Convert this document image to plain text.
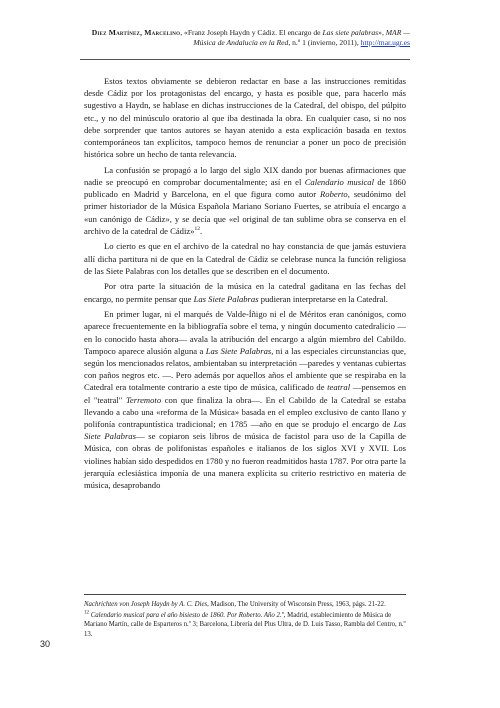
Diez Martínez, Marcelino, «Franz Joseph Haydn y Cádiz. El encargo de Las siete palabras», MAR — Música de Andalucía en la Red, n.º 1 (invierno, 2011), http://mar.ugr.es

Estos textos obviamente se debieron redactar en base a las instrucciones remitidas desde Cádiz por los protagonistas del encargo, y hasta es posible que, para hacerlo más sugestivo a Haydn, se hablase en dichas instrucciones de la Catedral, del obispo, del púlpito etc., y no del minúsculo oratorio al que iba destinada la obra. En cualquier caso, si no nos debe sorprender que tantos autores se hayan atenido a esta explicación basada en textos contemporáneos tan explícitos, tampoco hemos de renunciar a poner un poco de precisión histórica sobre un hecho de tanta relevancia.

La confusión se propagó a lo largo del siglo XIX dando por buenas afirmaciones que nadie se preocupó en comprobar documentalmente; así en el Calendario musical de 1860 publicado en Madrid y Barcelona, en el que figura como autor Roberto, seudónimo del primer historiador de la Música Española Mariano Soriano Fuertes, se atribuía el encargo a «un canónigo de Cádiz», y se decía que «el original de tan sublime obra se conserva en el archivo de la catedral de Cádiz»$^{12}$.

Lo cierto es que en el archivo de la catedral no hay constancia de que jamás estuviera allí dicha partitura ni de que en la Catedral de Cádiz se celebrase nunca la función religiosa de las Siete Palabras con los detalles que se describen en el documento.

Por otra parte la situación de la música en la catedral gaditana en las fechas del encargo, no permite pensar que Las Siete Palabras pudieran interpretarse en la Catedral.

En primer lugar, ni el marqués de Valde-Íñigo ni el de Méritos eran canónigos, como aparece frecuentemente en la bibliografía sobre el tema, y ningún documento catedralicio —en lo conocido hasta ahora— avala la atribución del encargo a algún miembro del Cabildo. Tampoco aparece alusión alguna a Las Siete Palabras, ni a las especiales circunstancias que, según los mencionados relatos, ambientaban su interpretación —paredes y ventanas cubiertas con paños negros etc. —. Pero además por aquellos años el ambiente que se respiraba en la Catedral era totalmente contrario a este tipo de música, calificado de teatral —pensemos en el "teatral" Terremoto con que finaliza la obra—. En el Cabildo de la Catedral se estaba llevando a cabo una «reforma de la Música» basada en el empleo exclusivo de canto llano y polifonía contrapuntística tradicional; en 1785 —año en que se produjo el encargo de Las Siete Palabras— se copiaron seis libros de música de facistol para uso de la Capilla de Música, con obras de polifonistas españoles e italianos de los siglos XVI y XVII. Los violines habían sido despedidos en 1780 y no fueron readmitidos hasta 1787. Por otra parte la jerarquía eclesiástica imponía de una manera explícita su criterio restrictivo en materia de música, desaprobando

Nachrichten von Joseph Haydn by A. C. Dies, Madison, The University of Wisconsin Press, 1963, págs. 21-22.

$^{12}$ Calendario musical para el año bisiesto de 1860. Por Roberto. Año 2.º, Madrid, establecimiento de Música de Mariano Martín, calle de Esparteros n.º 3; Barcelona, Librería del Plus Ultra, de D. Luis Tasso, Rambla del Centro, n.º 13.

30
